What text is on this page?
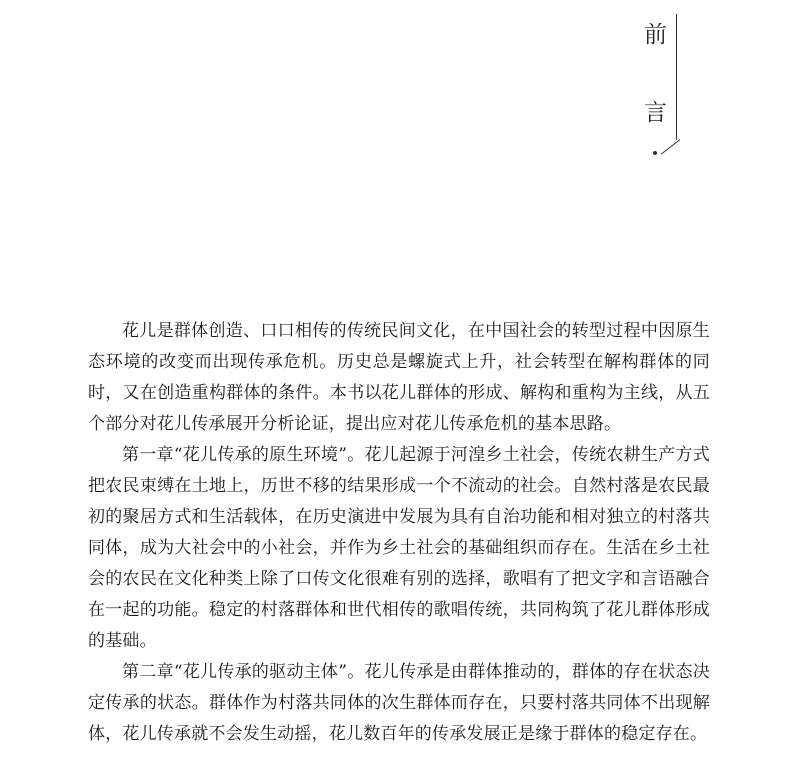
前
言

花儿是群体创造、口口相传的传统民间文化，在中国社会的转型过程中因原生态环境的改变而出现传承危机。历史总是螺旋式上升，社会转型在解构群体的同时，又在创造重构群体的条件。本书以花儿群体的形成、解构和重构为主线，从五个部分对花儿传承展开分析论证，提出应对花儿传承危机的基本思路。

第一章“花儿传承的原生环境”。花儿起源于河湟乡土社会，传统农耕生产方式把农民束缚在土地上，历世不移的结果形成一个不流动的社会。自然村落是农民最初的聚居方式和生活载体，在历史演进中发展为具有自治功能和相对独立的村落共同体，成为大社会中的小社会，并作为乡土社会的基础组织而存在。生活在乡土社会的农民在文化种类上除了口传文化很难有别的选择，歌唱有了把文字和言语融合在一起的功能。稳定的村落群体和世代相传的歌唱传统，共同构筑了花儿群体形成的基础。

第二章“花儿传承的驱动主体”。花儿传承是由群体推动的，群体的存在状态决定传承的状态。群体作为村落共同体的次生群体而存在，只要村落共同体不出现解体，花儿传承就不会发生动摇，花儿数百年的传承发展正是缘于群体的稳定存在。
